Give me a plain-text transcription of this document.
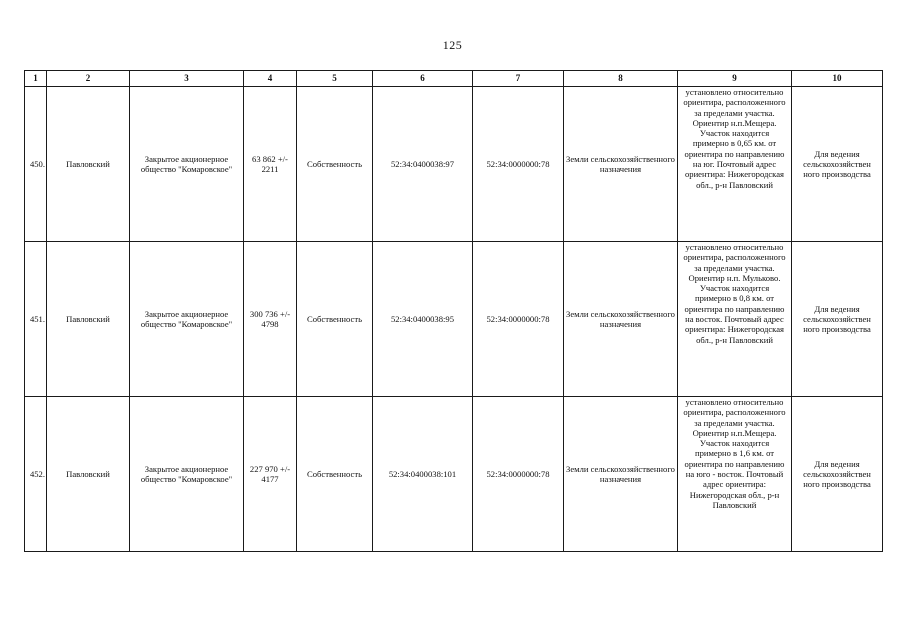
125
1	2	3	4	5	6	7	8	9	10
450.	Павловский	Закрытое акционерное общество "Комаровское"	63 862 +/- 2211	Собственность	52:34:0400038:97	52:34:0000000:78	Земли сельскохозяйственного назначения	установлено относительно ориентира, расположенного за пределами участка. Ориентир н.п.Мещера. Участок находится примерно в 0,65 км. от ориентира по направлению на юг. Почтовый адрес ориентира: Нижегородская обл., р-н Павловский	Для ведения сельскохозяйствен ного производства
451.	Павловский	Закрытое акционерное общество "Комаровское"	300 736 +/- 4798	Собственность	52:34:0400038:95	52:34:0000000:78	Земли сельскохозяйственного назначения	установлено относительно ориентира, расположенного за пределами участка. Ориентир н.п. Мульково. Участок находится примерно в 0,8 км. от ориентира по направлению на восток. Почтовый адрес ориентира: Нижегородская обл., р-н Павловский	Для ведения сельскохозяйствен ного производства
452.	Павловский	Закрытое акционерное общество "Комаровское"	227 970 +/- 4177	Собственность	52:34:0400038:101	52:34:0000000:78	Земли сельскохозяйственного назначения	установлено относительно ориентира, расположенного за пределами участка. Ориентир н.п.Мещера. Участок находится примерно в 1,6 км. от ориентира по направлению на юго - восток. Почтовый адрес ориентира: Нижегородская обл., р-н Павловский	Для ведения сельскохозяйствен ного производства
